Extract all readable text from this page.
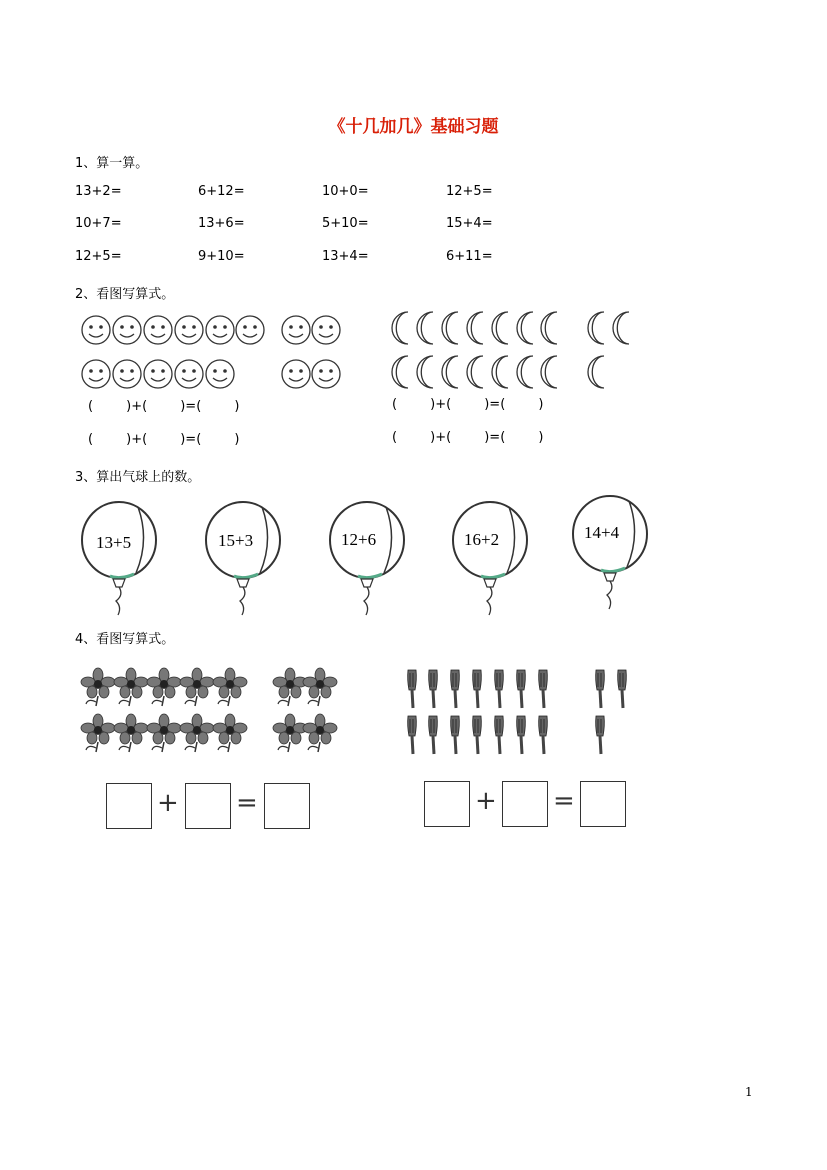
《十几加几》基础习题
1、算一算。
13+2=	6+12=	10+0=	12+5=
10+7=	13+6=	5+10=	15+4=
12+5=	9+10=	13+4=	6+11=
2、看图写算式。
(        )+(        )=(        )
(        )+(        )=(        )
(        )+(        )=(        )
(        )+(        )=(        )
3、算出气球上的数。
13+5	15+3	12+6	16+2	14+4
4、看图写算式。
+ =	+ =
1
